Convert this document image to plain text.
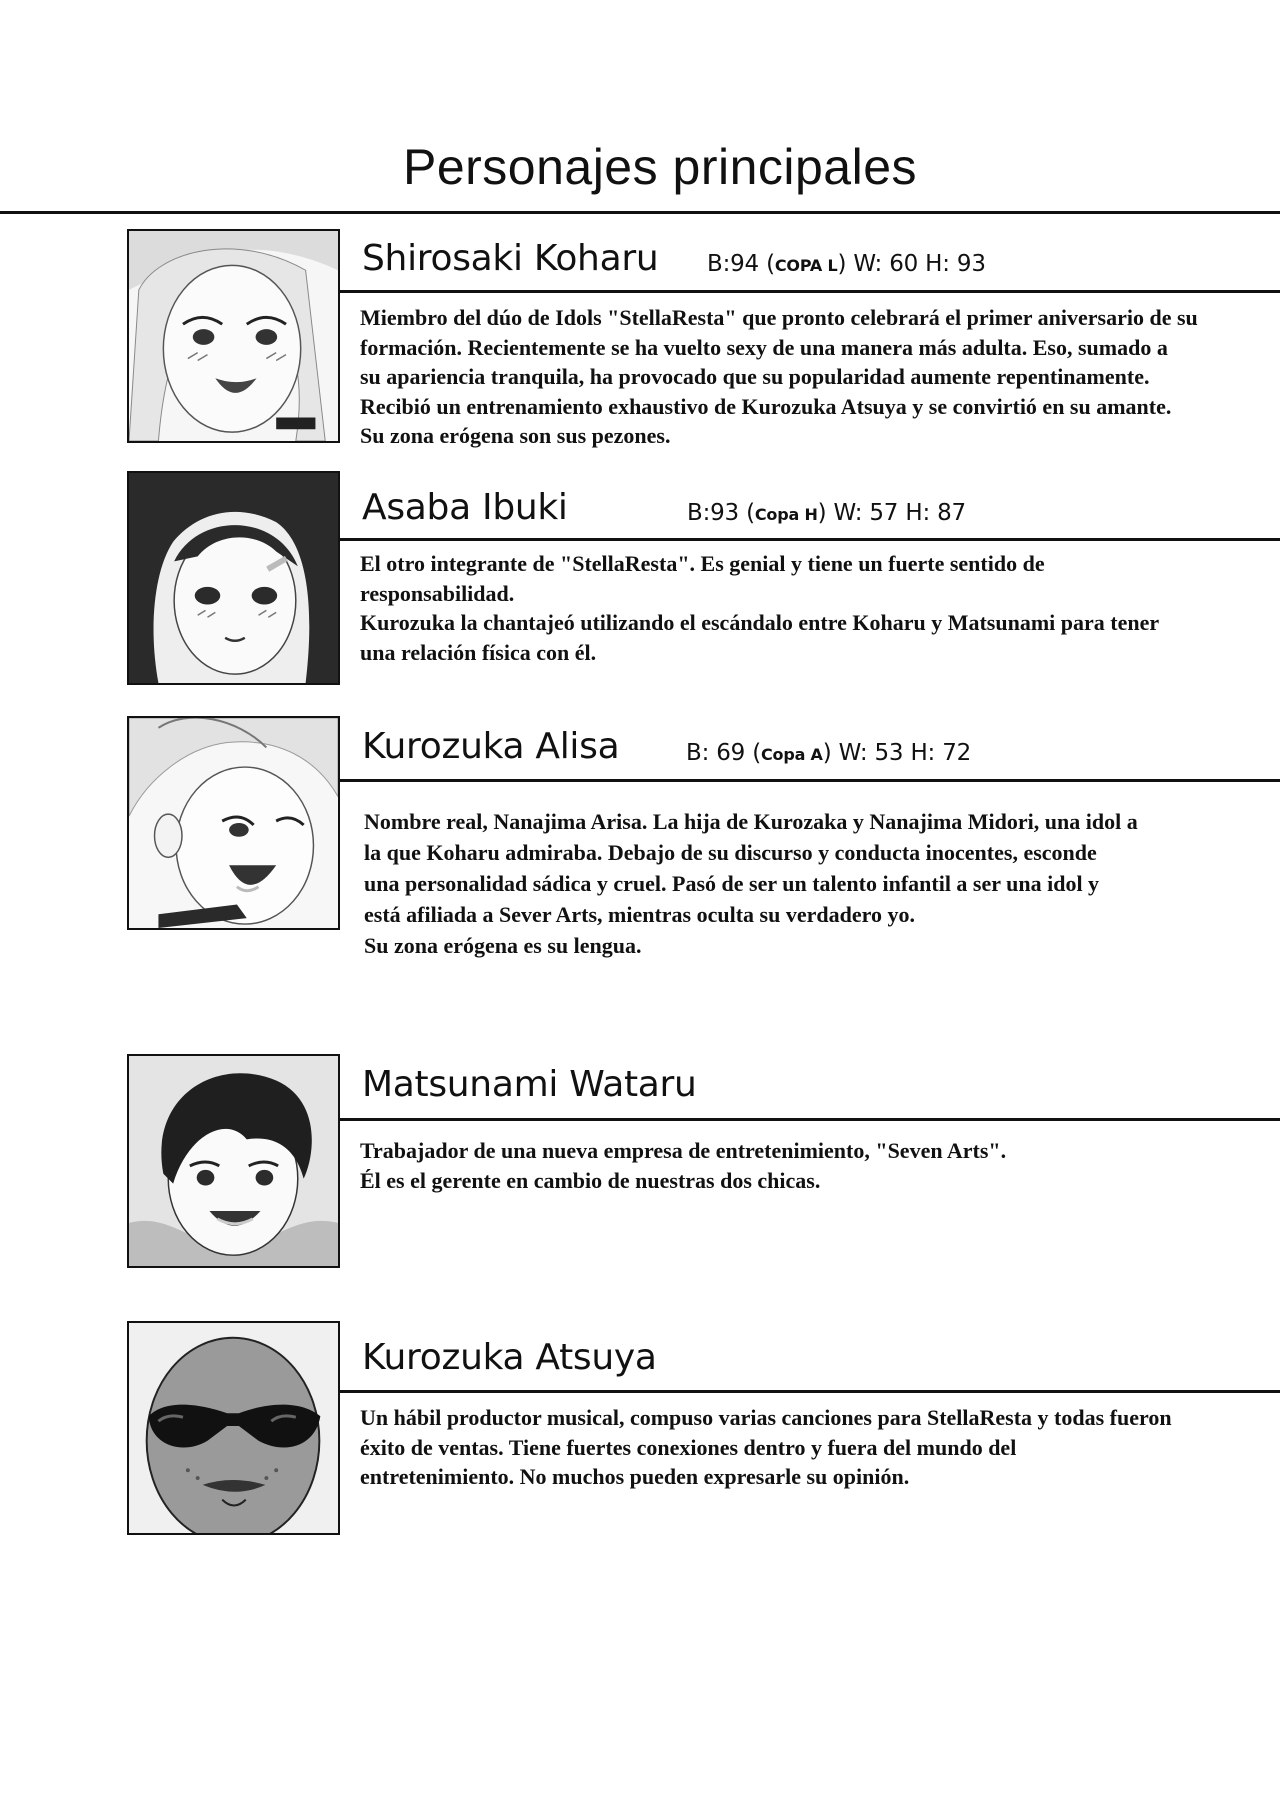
Personajes principales
Shirosaki Koharu B:94 (COPA L) W: 60 H: 93

Miembro del dúo de Idols "StellaResta" que pronto celebrará el primer aniversario de su

formación. Recientemente se ha vuelto sexy de una manera más adulta. Eso, sumado a

su apariencia tranquila, ha provocado que su popularidad aumente repentinamente.

Recibió un entrenamiento exhaustivo de Kurozuka Atsuya y se convirtió en su amante.

Su zona erógena son sus pezones.

Asaba Ibuki	B:93 (Copa H) W: 57 H: 87

El otro integrante de "StellaResta". Es genial y tiene un fuerte sentido de

responsabilidad.

Kurozuka la chantajeó utilizando el escándalo entre Koharu y Matsunami para tener

una relación física con él.

Kurozuka Alisa	B: 69 (Copa A) W: 53 H: 72

Nombre real, Nanajima Arisa. La hija de Kurozaka y Nanajima Midori, una idol a

la que Koharu admiraba. Debajo de su discurso y conducta inocentes, esconde

una personalidad sádica y cruel. Pasó de ser un talento infantil a ser una idol y

está afiliada a Sever Arts, mientras oculta su verdadero yo.

Su zona erógena es su lengua.

Matsunami Wataru

Trabajador de una nueva empresa de entretenimiento, "Seven Arts".

Él es el gerente en cambio de nuestras dos chicas.

Kurozuka Atsuya

Un hábil productor musical, compuso varias canciones para StellaResta y todas fueron

éxito de ventas. Tiene fuertes conexiones dentro y fuera del mundo del

entretenimiento. No muchos pueden expresarle su opinión.
